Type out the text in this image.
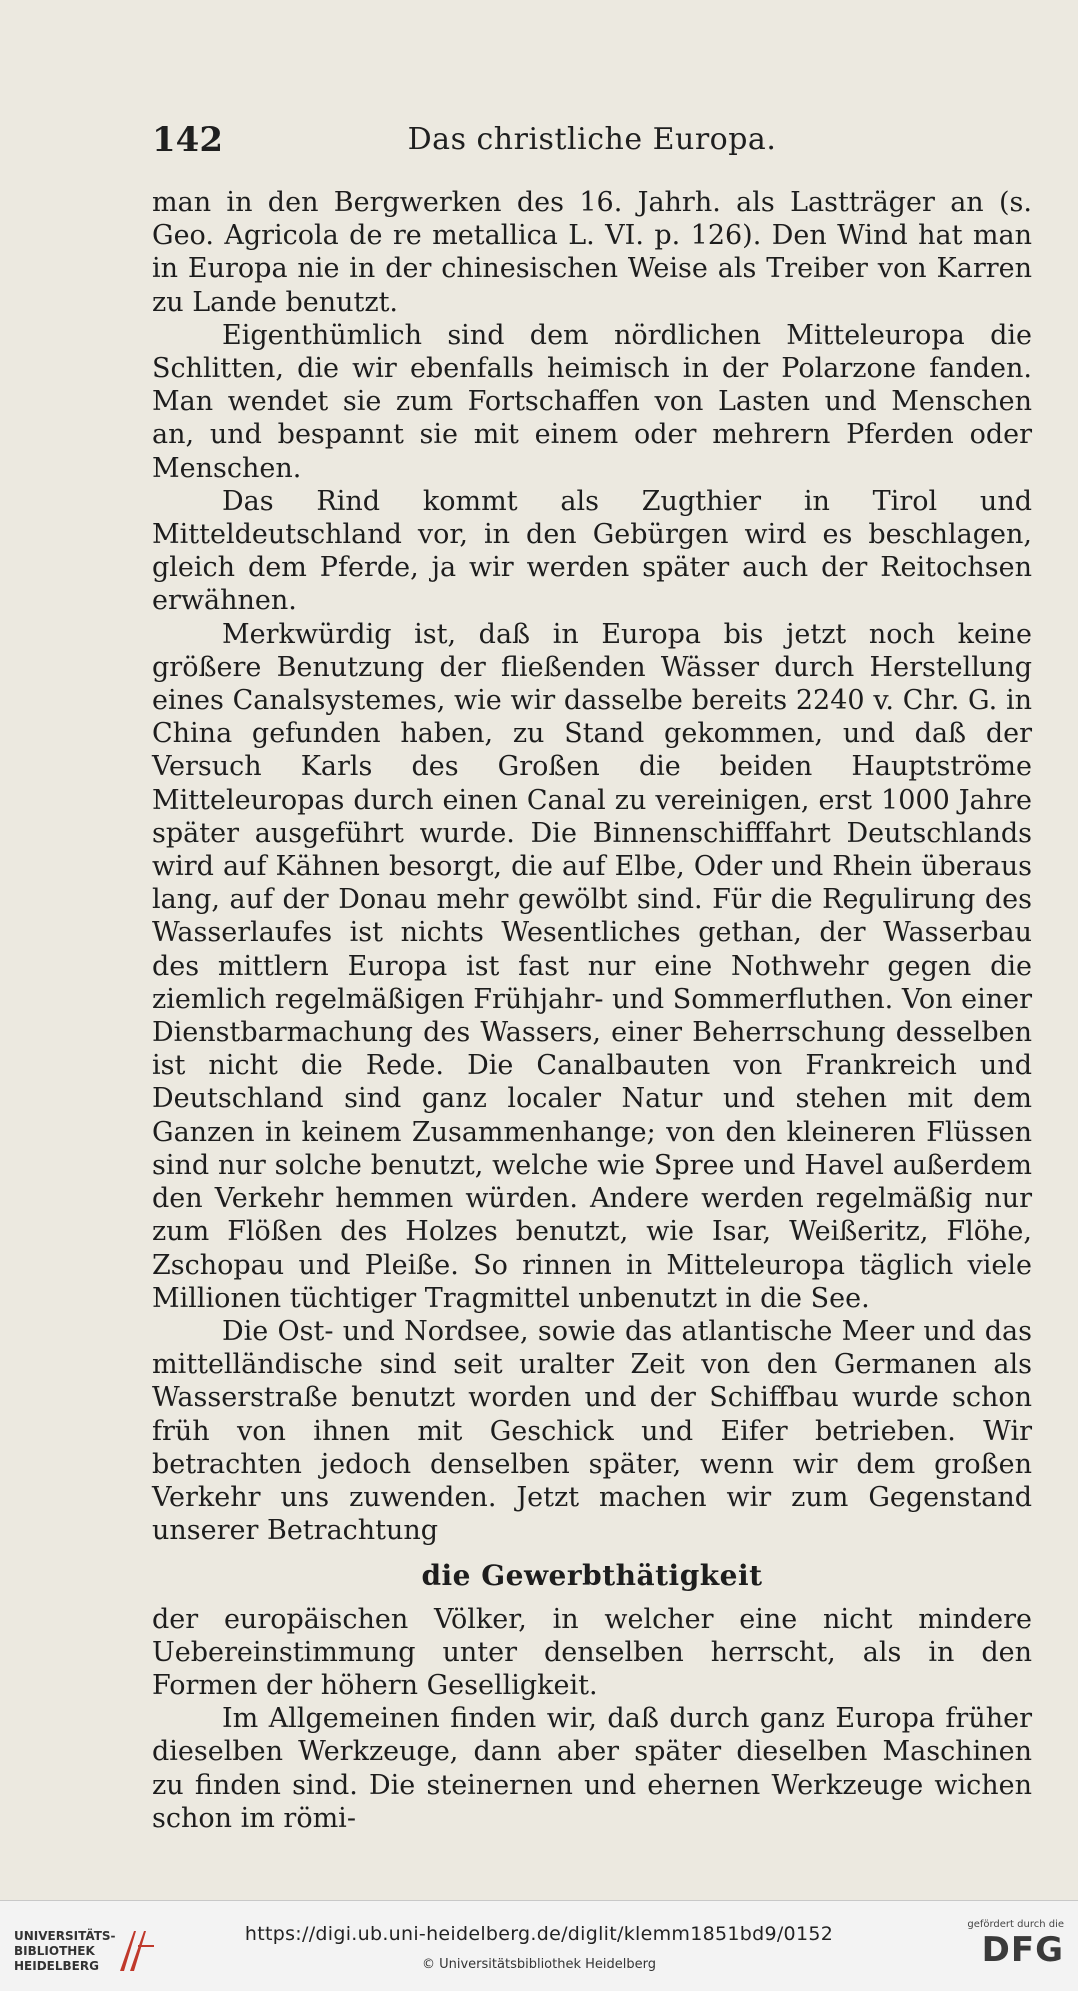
142	Das christliche Europa.

man in den Bergwerken des 16. Jahrh. als Lastträger an (s. Geo. Agricola de re metallica L. VI. p. 126). Den Wind hat man in Europa nie in der chinesischen Weise als Treiber von Karren zu Lande benutzt.

Eigenthümlich sind dem nördlichen Mitteleuropa die Schlitten, die wir ebenfalls heimisch in der Polarzone fanden. Man wendet sie zum Fortschaffen von Lasten und Menschen an, und bespannt sie mit einem oder mehrern Pferden oder Menschen.

Das Rind kommt als Zugthier in Tirol und Mitteldeutschland vor, in den Gebürgen wird es beschlagen, gleich dem Pferde, ja wir werden später auch der Reitochsen erwähnen.

Merkwürdig ist, daß in Europa bis jetzt noch keine größere Benutzung der fließenden Wässer durch Herstellung eines Canalsystemes, wie wir dasselbe bereits 2240 v. Chr. G. in China gefunden haben, zu Stand gekommen, und daß der Versuch Karls des Großen die beiden Hauptströme Mitteleuropas durch einen Canal zu vereinigen, erst 1000 Jahre später ausgeführt wurde. Die Binnenschifffahrt Deutschlands wird auf Kähnen besorgt, die auf Elbe, Oder und Rhein überaus lang, auf der Donau mehr gewölbt sind. Für die Regulirung des Wasserlaufes ist nichts Wesentliches gethan, der Wasserbau des mittlern Europa ist fast nur eine Nothwehr gegen die ziemlich regelmäßigen Frühjahr- und Sommerfluthen. Von einer Dienstbarmachung des Wassers, einer Beherrschung desselben ist nicht die Rede. Die Canalbauten von Frankreich und Deutschland sind ganz localer Natur und stehen mit dem Ganzen in keinem Zusammenhange; von den kleineren Flüssen sind nur solche benutzt, welche wie Spree und Havel außerdem den Verkehr hemmen würden. Andere werden regelmäßig nur zum Flößen des Holzes benutzt, wie Isar, Weißeritz, Flöhe, Zschopau und Pleiße. So rinnen in Mitteleuropa täglich viele Millionen tüchtiger Tragmittel unbenutzt in die See.

Die Ost- und Nordsee, sowie das atlantische Meer und das mittelländische sind seit uralter Zeit von den Germanen als Wasserstraße benutzt worden und der Schiffbau wurde schon früh von ihnen mit Geschick und Eifer betrieben. Wir betrachten jedoch denselben später, wenn wir dem großen Verkehr uns zuwenden. Jetzt machen wir zum Gegenstand unserer Betrachtung

die Gewerbthätigkeit

der europäischen Völker, in welcher eine nicht mindere Uebereinstimmung unter denselben herrscht, als in den Formen der höhern Geselligkeit.

Im Allgemeinen finden wir, daß durch ganz Europa früher dieselben Werkzeuge, dann aber später dieselben Maschinen zu finden sind. Die steinernen und ehernen Werkzeuge wichen schon im römi-

UNIVERSITÄTS-
BIBLIOTHEK
HEIDELBERG
https://digi.ub.uni-heidelberg.de/diglit/klemm1851bd9/0152
© Universitätsbibliothek Heidelberg
gefördert durch die
DFG
